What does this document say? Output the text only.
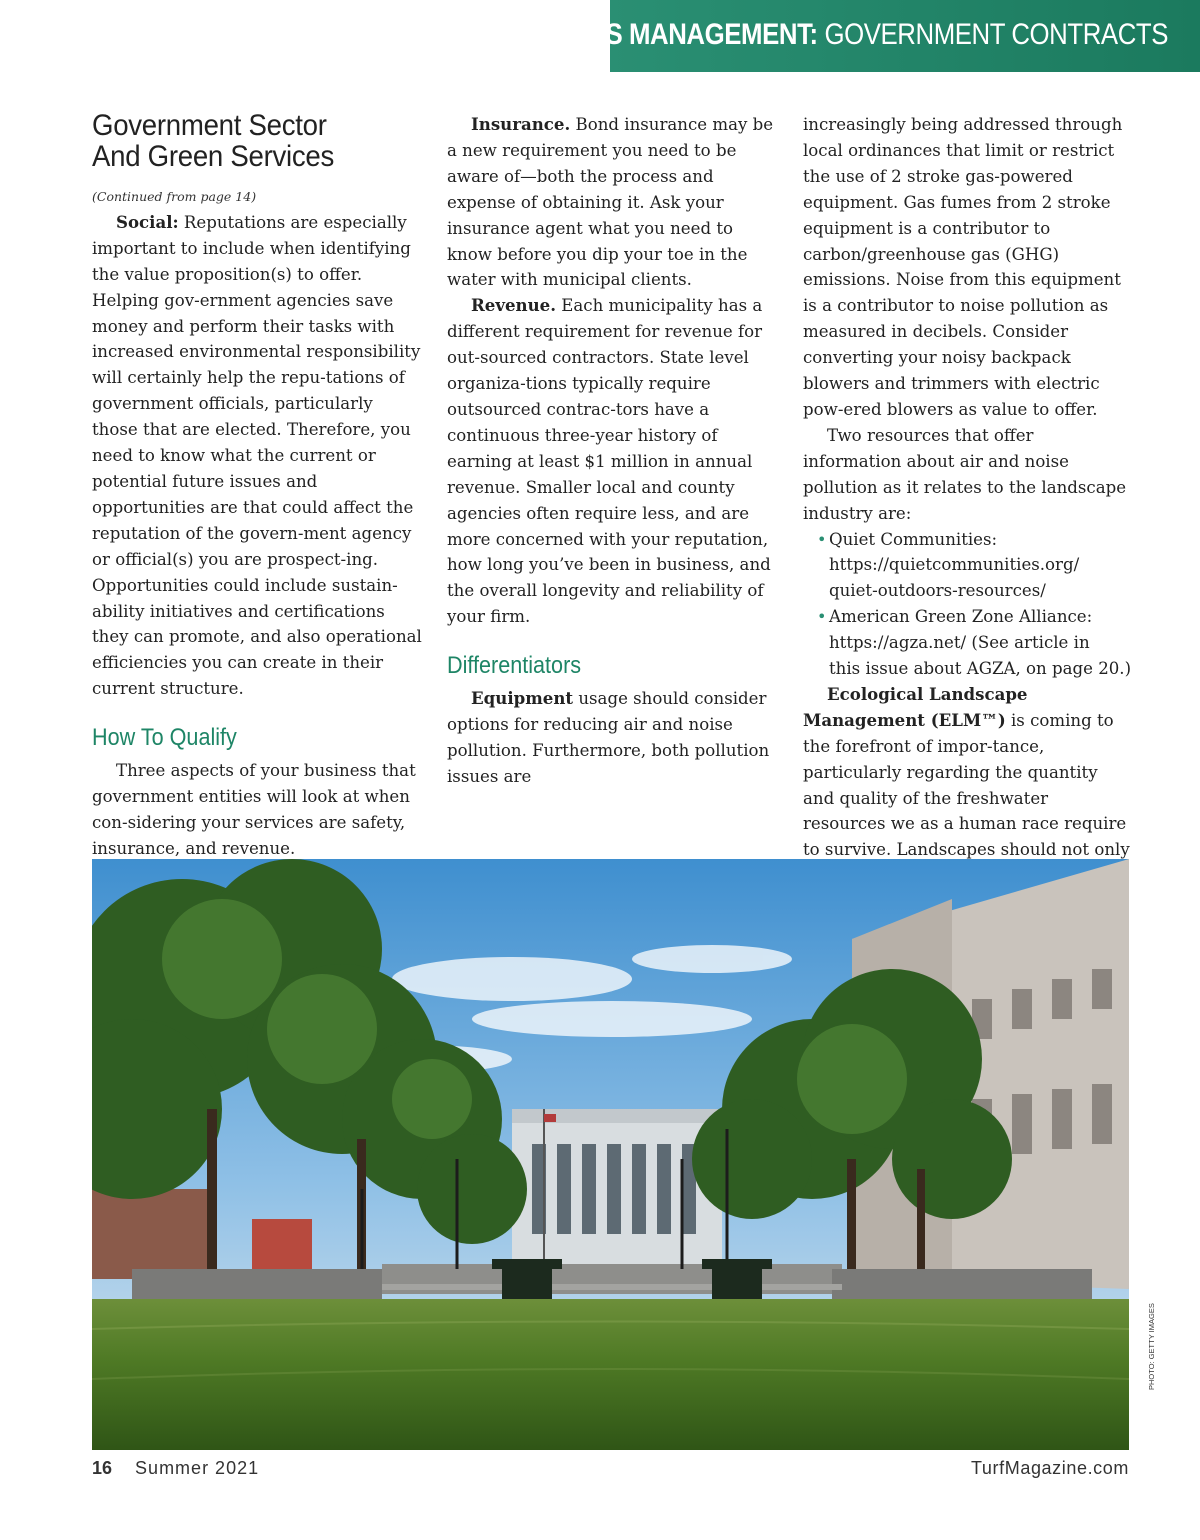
BUSINESS MANAGEMENT: GOVERNMENT CONTRACTS
Government Sector
And Green Services

(Continued from page 14)

Social: Reputations are especially important to include when identifying the value proposition(s) to offer. Helping gov-ernment agencies save money and perform their tasks with increased environmental responsibility will certainly help the repu-tations of government officials, particularly those that are elected. Therefore, you need to know what the current or potential future issues and opportunities are that could affect the reputation of the govern-ment agency or official(s) you are prospect-ing. Opportunities could include sustain-ability initiatives and certifications they can promote, and also operational efficiencies you can create in their current structure.

How To Qualify

Three aspects of your business that government entities will look at when con-sidering your services are safety, insurance, and revenue.

Insurance. Bond insurance may be a new requirement you need to be aware of—both the process and expense of obtaining it. Ask your insurance agent what you need to know before you dip your toe in the water with municipal clients.

Revenue. Each municipality has a different requirement for revenue for out-sourced contractors. State level organiza-tions typically require outsourced contrac-tors have a continuous three-year history of earning at least $1 million in annual revenue. Smaller local and county agencies often require less, and are more concerned with your reputation, how long you’ve been in business, and the overall longevity and reliability of your firm.

Differentiators

Equipment usage should consider options for reducing air and noise pollution. Furthermore, both pollution issues are

increasingly being addressed through local ordinances that limit or restrict the use of 2 stroke gas-powered equipment. Gas fumes from 2 stroke equipment is a contributor to carbon/greenhouse gas (GHG) emissions. Noise from this equipment is a contributor to noise pollution as measured in decibels. Consider converting your noisy backpack blowers and trimmers with electric pow-ered blowers as value to offer.

Two resources that offer information about air and noise pollution as it relates to the landscape industry are:

• Quiet Communities:
https://quietcommunities.org/
quiet-outdoors-resources/
• American Green Zone Alliance:
https://agza.net/ (See article in
this issue about AGZA, on page 20.)

Ecological Landscape Management (ELM™) is coming to the forefront of impor-tance, particularly regarding the quantity and quality of the freshwater resources we as a human race require to survive. Landscapes should not only

PHOTO: GETTY IMAGES
16 Summer 2021	TurfMagazine.com
